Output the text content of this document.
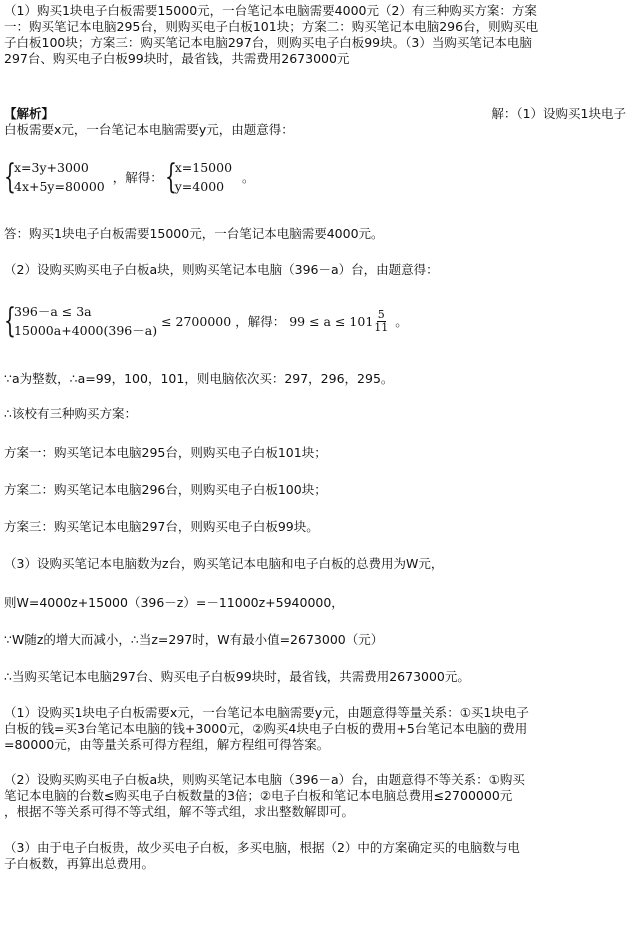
（1）购买1块电子白板需要15000元，一台笔记本电脑需要4000元（2）有三种购买方案：方案
一：购买笔记本电脑295台，则购买电子白板101块；方案二：购买笔记本电脑296台，则购买电
子白板100块；方案三：购买笔记本电脑297台，则购买电子白板99块。（3）当购买笔记本电脑
297台、购买电子白板99块时，最省钱，共需费用2673000元
【解析】	解：（1）设购买1块电子
白板需要x元，一台笔记本电脑需要y元，由题意得：
{
x=3y+3000
4x+5y=80000
，解得： {
x=15000
y=4000
。
答：购买1块电子白板需要15000元，一台笔记本电脑需要4000元。
（2）设购买购买电子白板a块，则购买笔记本电脑（396－a）台，由题意得：
{
396－a ≤ 3a
15000a+4000(396－a)
≤ 2700000 ，解得： $99 \le a \le 101 \frac{5}{11}$ 。
∵a为整数，∴a=99，100，101，则电脑依次买：297，296，295。
∴该校有三种购买方案：
方案一：购买笔记本电脑295台，则购买电子白板101块；
方案二：购买笔记本电脑296台，则购买电子白板100块；
方案三：购买笔记本电脑297台，则购买电子白板99块。
（3）设购买笔记本电脑数为z台，购买笔记本电脑和电子白板的总费用为W元，
则W=4000z+15000（396－z）=－11000z+5940000，
∵W随z的增大而减小，∴当z=297时，W有最小值=2673000（元）
∴当购买笔记本电脑297台、购买电子白板99块时，最省钱，共需费用2673000元。
（1）设购买1块电子白板需要x元，一台笔记本电脑需要y元，由题意得等量关系：①买1块电子
白板的钱=买3台笔记本电脑的钱+3000元，②购买4块电子白板的费用+5台笔记本电脑的费用
=80000元，由等量关系可得方程组，解方程组可得答案。
（2）设购买购买电子白板a块，则购买笔记本电脑（396－a）台，由题意得不等关系：①购买
笔记本电脑的台数≤购买电子白板数量的3倍；②电子白板和笔记本电脑总费用≤2700000元
，根据不等关系可得不等式组，解不等式组，求出整数解即可。
（3）由于电子白板贵，故少买电子白板，多买电脑，根据（2）中的方案确定买的电脑数与电
子白板数，再算出总费用。
